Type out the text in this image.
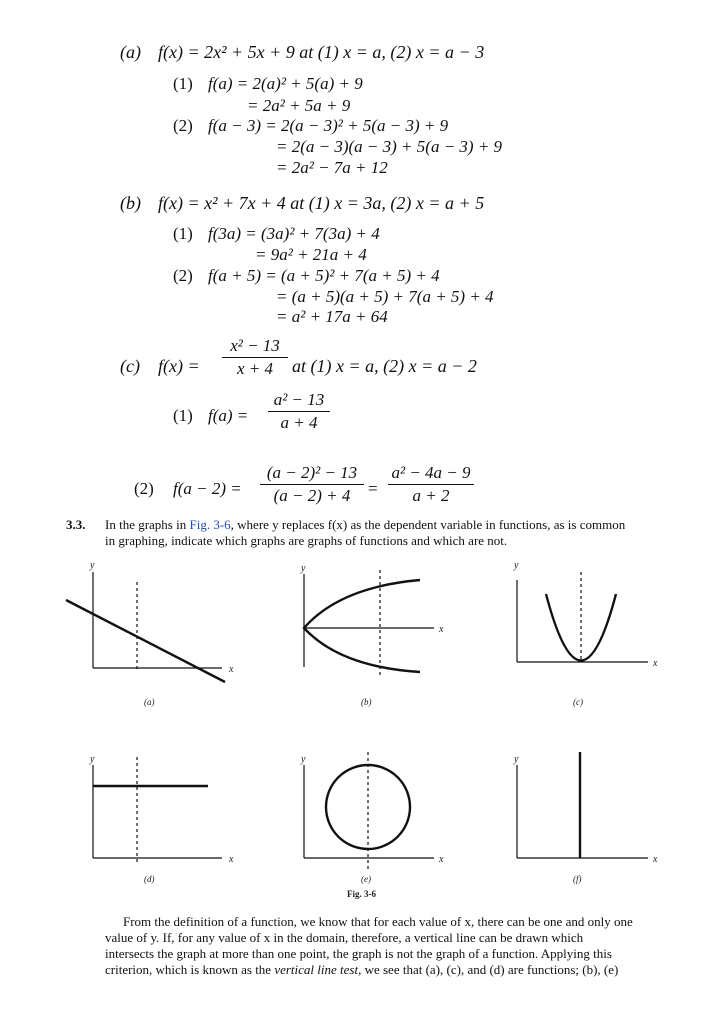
(a) f(x) = 2x² + 5x + 9 at (1) x = a, (2) x = a − 3
(1) f(a) = 2(a)² + 5(a) + 9
= 2a² + 5a + 9
(2) f(a − 3) = 2(a − 3)² + 5(a − 3) + 9
= 2(a − 3)(a − 3) + 5(a − 3) + 9
= 2a² − 7a + 12
(b) f(x) = x² + 7x + 4 at (1) x = 3a, (2) x = a + 5
(1) f(3a) = (3a)² + 7(3a) + 4
= 9a² + 21a + 4
(2) f(a + 5) = (a + 5)² + 7(a + 5) + 4
= (a + 5)(a + 5) + 7(a + 5) + 4
= a² + 17a + 64
(c) f(x) =
x² − 13
x + 4	at (1) x = a, (2) x = a − 2
(1) f(a) =
a² − 13
a + 4
(2) f(a − 2) =
(a − 2)² − 13
(a − 2) + 4	=
a² − 4a − 9
a + 2
3.3. In the graphs in Fig. 3-6, where y replaces f(x) as the dependent variable in functions, as is common
in graphing, indicate which graphs are graphs of functions and which are not.
y
x
y
x
y
x
y
x
y
x
y
x
(a)	(b)	(c)
(d)	(e)	(f)
Fig. 3-6
From the definition of a function, we know that for each value of x, there can be one and only one
value of y. If, for any value of x in the domain, therefore, a vertical line can be drawn which
intersects the graph at more than one point, the graph is not the graph of a function. Applying this
criterion, which is known as the vertical line test, we see that (a), (c), and (d) are functions; (b), (e)
